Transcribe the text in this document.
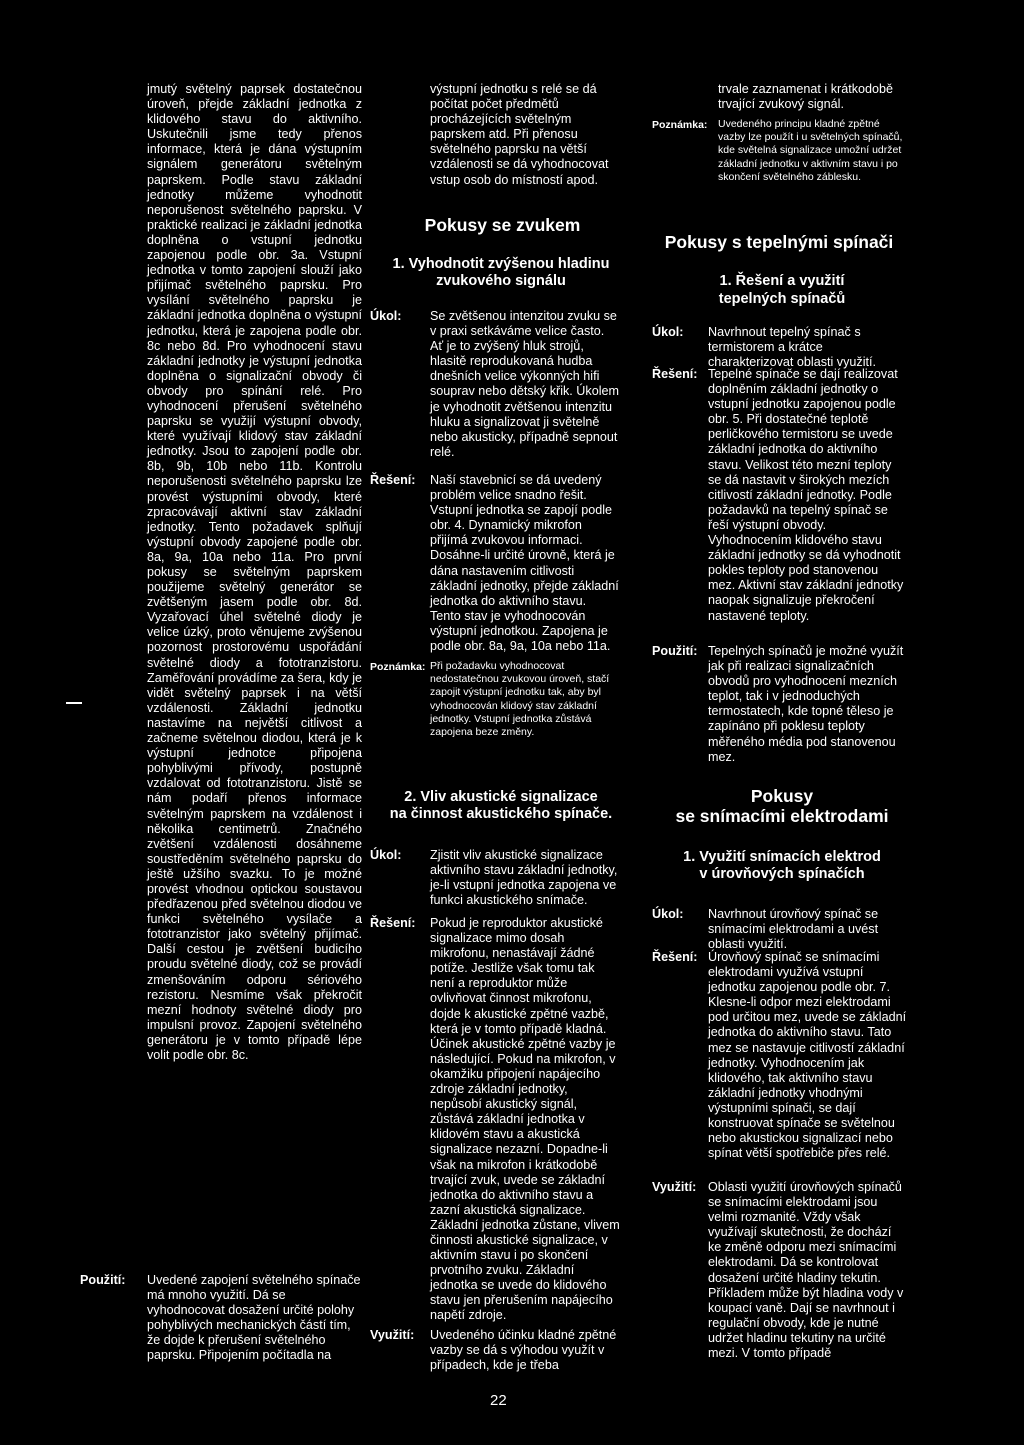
jmutý světelný paprsek dostatečnou úroveň, přejde základní jednotka z klidového stavu do aktivního. Uskutečnili jsme tedy přenos informace, která je dána výstupním signálem generátoru světelným paprskem. Podle stavu základní jednotky můžeme vyhodnotit neporušenost světelného paprsku. V praktické realizaci je základní jednotka doplněna o vstupní jednotku zapojenou podle obr. 3a. Vstupní jednotka v tomto zapojení slouží jako přijímač světelného paprsku. Pro vysílání světelného paprsku je základní jednotka doplněna o výstupní jednotku, která je zapojena podle obr. 8c nebo 8d. Pro vyhodnocení stavu základní jednotky je výstupní jednotka doplněna o signalizační obvody či obvody pro spínání relé. Pro vyhodnocení přerušení světelného paprsku se využijí výstupní obvody, které využívají klidový stav základní jednotky. Jsou to zapojení podle obr. 8b, 9b, 10b nebo 11b. Kontrolu neporušenosti světelného paprsku lze provést výstupními obvody, které zpracovávají aktivní stav základní jednotky. Tento požadavek splňují výstupní obvody zapojené podle obr. 8a, 9a, 10a nebo 11a. Pro první pokusy se světelným paprskem použijeme světelný generátor se zvětšeným jasem podle obr. 8d. Vyzařovací úhel světelné diody je velice úzký, proto věnujeme zvýšenou pozornost prostorovému uspořádání světelné diody a fototranzistoru. Zaměřování provádíme za šera, kdy je vidět světelný paprsek i na větší vzdálenosti. Základní jednotku nastavíme na největší citlivost a začneme světelnou diodou, která je k výstupní jednotce připojena pohyblivými přívody, postupně vzdalovat od fototranzistoru. Jistě se nám podaří přenos informace světelným paprskem na vzdálenost i několika centimetrů. Značného zvětšení vzdálenosti dosáhneme soustředěním světelného paprsku do ještě užšího svazku. To je možné provést vhodnou optickou soustavou předřazenou před světelnou diodou ve funkci světelného vysílače a fototranzistor jako světelný přijímač. Další cestou je zvětšení budicího proudu světelné diody, což se provádí zmenšováním odporu sériového rezistoru. Nesmíme však překročit mezní hodnoty světelné diody pro impulsní provoz. Zapojení světelného generátoru je v tomto případě lépe volit podle obr. 8c.

Použití: Uvedené zapojení světelného spínače má mnoho využití. Dá se vyhodnocovat dosažení určité polohy pohyblivých mechanických částí tím, že dojde k přerušení světelného paprsku. Připojením počítadla na

výstupní jednotku s relé se dá počítat počet předmětů procházejících světelným paprskem atd. Při přenosu světelného paprsku na větší vzdálenosti se dá vyhodnocovat vstup osob do místností apod.

Pokusy se zvukem
1. Vyhodnotit zvýšenou hladinu
zvukového signálu
Úkol: Se zvětšenou intenzitou zvuku se v praxi setkáváme velice často. Ať je to zvýšený hluk strojů, hlasitě reprodukovaná hudba dnešních velice výkonných hifi souprav nebo dětský křik. Úkolem je vyhodnotit zvětšenou intenzitu hluku a signalizovat ji světelně nebo akusticky, případně sepnout relé.

Řešení: Naší stavebnicí se dá uvedený problém velice snadno řešit. Vstupní jednotka se zapojí podle obr. 4. Dynamický mikrofon přijímá zvukovou informaci. Dosáhne-li určité úrovně, která je dána nastavením citlivosti základní jednotky, přejde základní jednotka do aktivního stavu. Tento stav je vyhodnocován výstupní jednotkou. Zapojena je podle obr. 8a, 9a, 10a nebo 11a.

Poznámka: Při požadavku vyhodnocovat nedostatečnou zvukovou úroveň, stačí zapojit výstupní jednotku tak, aby byl vyhodnocován klidový stav základní jednotky. Vstupní jednotka zůstává zapojena beze změny.

2. Vliv akustické signalizace
na činnost akustického spínače.
Úkol: Zjistit vliv akustické signalizace aktivního stavu základní jednotky, je-li vstupní jednotka zapojena ve funkci akustického snímače.

Řešení: Pokud je reproduktor akustické signalizace mimo dosah mikrofonu, nenastávají žádné potíže. Jestliže však tomu tak není a reproduktor může ovlivňovat činnost mikrofonu, dojde k akustické zpětné vazbě, která je v tomto případě kladná. Účinek akustické zpětné vazby je následující. Pokud na mikrofon, v okamžiku připojení napájecího zdroje základní jednotky, nepůsobí akustický signál, zůstává základní jednotka v klidovém stavu a akustická signalizace nezazní. Dopadne-li však na mikrofon i krátkodobě trvající zvuk, uvede se základní jednotka do aktivního stavu a zazní akustická signalizace. Základní jednotka zůstane, vlivem činnosti akustické signalizace, v aktivním stavu i po skončení prvotního zvuku. Základní jednotka se uvede do klidového stavu jen přerušením napájecího napětí zdroje.

Využití: Uvedeného účinku kladné zpětné vazby se dá s výhodou využít v případech, kde je třeba

22

trvale zaznamenat i krátkodobě trvající zvukový signál.

Poznámka: Uvedeného principu kladné zpětné vazby lze použít i u světelných spínačů, kde světelná signalizace umožní udržet základní jednotku v aktivním stavu i po skončení světelného záblesku.

Pokusy s tepelnými spínači
1. Řešení a využití
tepelných spínačů
Úkol: Navrhnout tepelný spínač s termistorem a krátce charakterizovat oblasti využití.

Řešení: Tepelné spínače se dají realizovat doplněním základní jednotky o vstupní jednotku zapojenou podle obr. 5. Při dostatečné teplotě perličkového termistoru se uvede základní jednotka do aktivního stavu. Velikost této mezní teploty se dá nastavit v širokých mezích citlivostí základní jednotky. Podle požadavků na tepelný spínač se řeší výstupní obvody. Vyhodnocením klidového stavu základní jednotky se dá vyhodnotit pokles teploty pod stanovenou mez. Aktivní stav základní jednotky naopak signalizuje překročení nastavené teploty.

Použití: Tepelných spínačů je možné využít jak při realizaci signalizačních obvodů pro vyhodnocení mezních teplot, tak i v jednoduchých termostatech, kde topné těleso je zapínáno při poklesu teploty měřeného média pod stanovenou mez.

Pokusy
se snímacími elektrodami
1. Využití snímacích elektrod
v úrovňových spínačích
Úkol: Navrhnout úrovňový spínač se snímacími elektrodami a uvést oblasti využití.

Řešení: Úrovňový spínač se snímacími elektrodami využívá vstupní jednotku zapojenou podle obr. 7. Klesne-li odpor mezi elektrodami pod určitou mez, uvede se základní jednotka do aktivního stavu. Tato mez se nastavuje citlivostí základní jednotky. Vyhodnocením jak klidového, tak aktivního stavu základní jednotky vhodnými výstupními spínači, se dají konstruovat spínače se světelnou nebo akustickou signalizací nebo spínat větší spotřebiče přes relé.

Využití: Oblasti využití úrovňových spínačů se snímacími elektrodami jsou velmi rozmanité. Vždy však využívají skutečnosti, že dochází ke změně odporu mezi snímacími elektrodami. Dá se kontrolovat dosažení určité hladiny tekutin. Příkladem může být hladina vody v koupací vaně. Dají se navrhnout i regulační obvody, kde je nutné udržet hladinu tekutiny na určité mezi. V tomto případě
